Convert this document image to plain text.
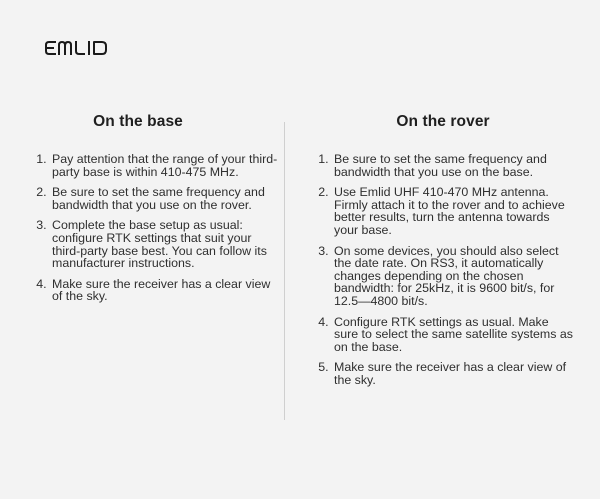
On the base
1. Pay attention that the range of your third-party base is within 410-475 MHz.
2. Be sure to set the same frequency and bandwidth that you use on the rover.
3. Complete the base setup as usual: configure RTK settings that suit your third-party base best. You can follow its manufacturer instructions.
4. Make sure the receiver has a clear view of the sky.
On the rover
1. Be sure to set the same frequency and bandwidth that you use on the base.
2. Use Emlid UHF 410-470 MHz antenna. Firmly attach it to the rover and to achieve better results, turn the antenna towards your base.
3. On some devices, you should also select the date rate. On RS3, it automatically changes depending on the chosen bandwidth: for 25kHz, it is 9600 bit/s, for 12.5—4800 bit/s.
4. Configure RTK settings as usual. Make sure to select the same satellite systems as on the base.
5. Make sure the receiver has a clear view of the sky.
